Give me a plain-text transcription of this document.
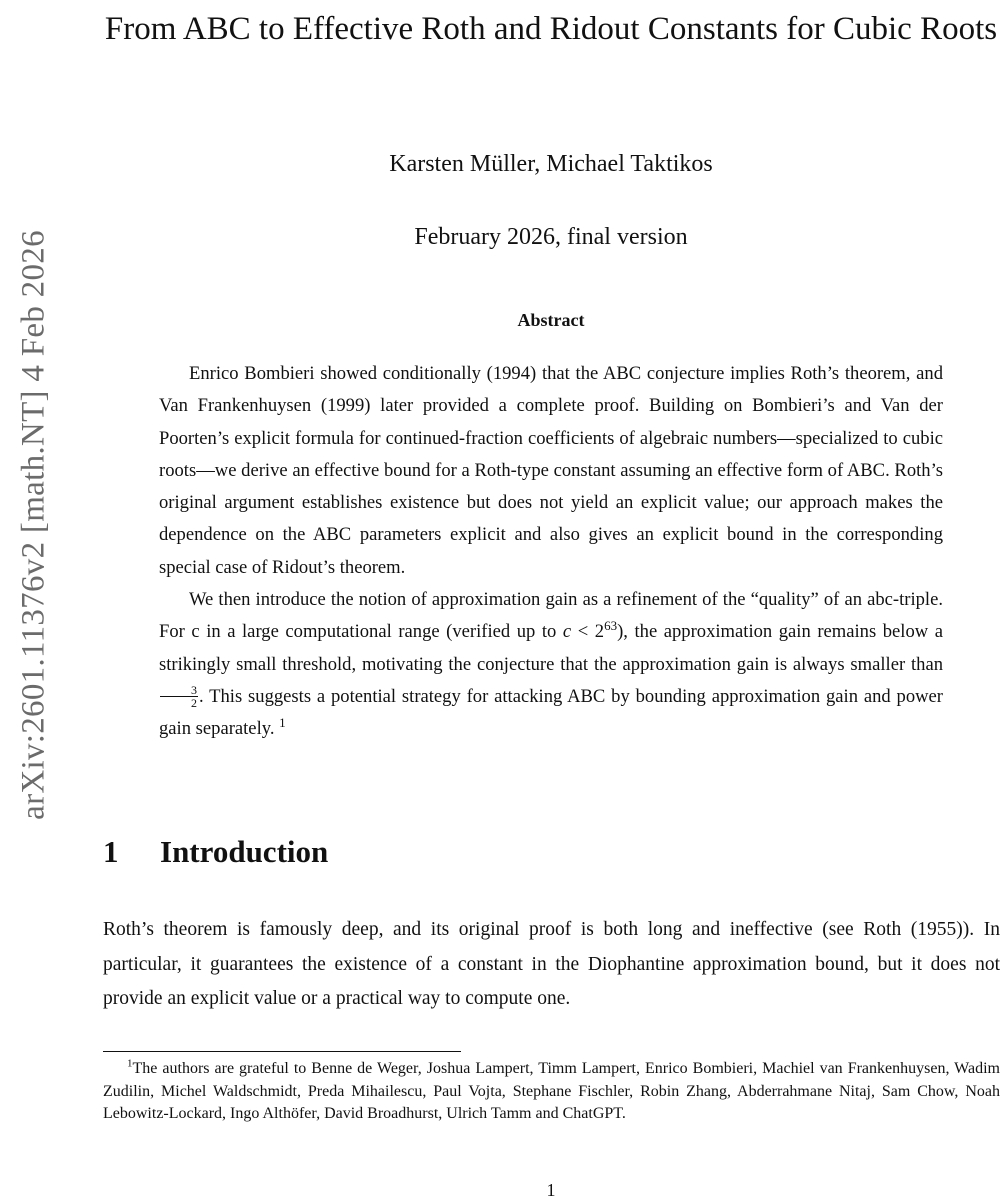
arXiv:2601.11376v2 [math.NT] 4 Feb 2026
From ABC to Effective Roth and Ridout Constants for Cubic Roots
Karsten Müller, Michael Taktikos
February 2026, final version
Abstract

Enrico Bombieri showed conditionally (1994) that the ABC conjecture implies Roth’s theorem, and Van Frankenhuysen (1999) later provided a complete proof. Building on Bombieri’s and Van der Poorten’s explicit formula for continued-fraction coefficients of algebraic numbers—specialized to cubic roots—we derive an effective bound for a Roth-type constant assuming an effective form of ABC. Roth’s original argument establishes existence but does not yield an explicit value; our approach makes the dependence on the ABC parameters explicit and also gives an explicit bound in the corresponding special case of Ridout’s theorem.

We then introduce the notion of approximation gain as a refinement of the “quality” of an abc-triple. For c in a large computational range (verified up to $c < 2^{63}$), the approximation gain remains below a strikingly small threshold, motivating the conjecture that the approximation gain is always smaller than
$\frac{3}{2}$ . This suggests a potential strategy for attacking ABC by bounding approximation gain and power gain separately. $^1$

1 Introduction

Roth’s theorem is famously deep, and its original proof is both long and ineffective (see Roth (1955)). In particular, it guarantees the existence of a constant in the Diophantine approximation bound, but it does not provide an explicit value or a practical way to compute one.

$^1$The authors are grateful to Benne de Weger, Joshua Lampert, Timm Lampert, Enrico Bombieri, Machiel van Frankenhuysen, Wadim Zudilin, Michel Waldschmidt, Preda Mihailescu, Paul Vojta, Stephane Fischler, Robin Zhang, Abderrahmane Nitaj, Sam Chow, Noah Lebowitz-Lockard, Ingo Althöfer, David Broadhurst, Ulrich Tamm and ChatGPT.

1
